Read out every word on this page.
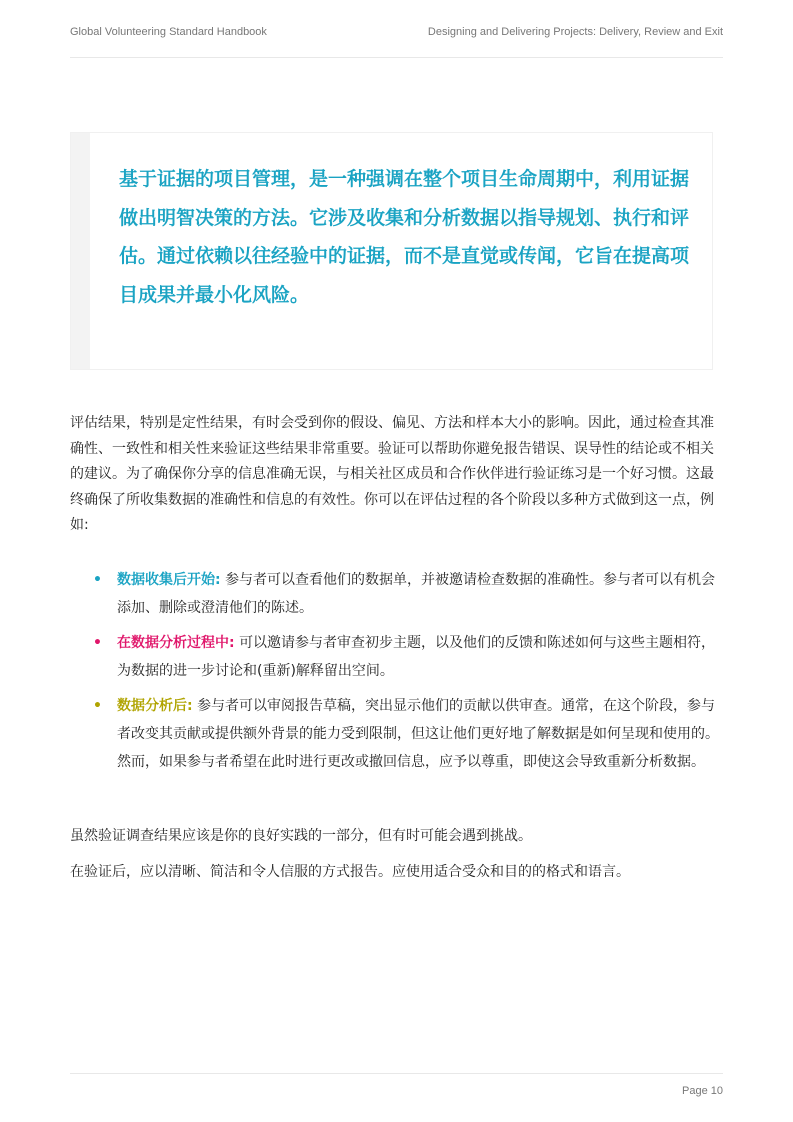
Global Volunteering Standard Handbook	Designing and Delivering Projects: Delivery, Review and Exit
基于证据的项目管理，是一种强调在整个项目生命周期中，利用证据做出明智决策的方法。它涉及收集和分析数据以指导规划、执行和评估。通过依赖以往经验中的证据，而不是直觉或传闻，它旨在提高项目成果并最小化风险。
评估结果，特别是定性结果，有时会受到你的假设、偏见、方法和样本大小的影响。因此，通过检查其准确性、一致性和相关性来验证这些结果非常重要。验证可以帮助你避免报告错误、误导性的结论或不相关的建议。为了确保你分享的信息准确无误，与相关社区成员和合作伙伴进行验证练习是一个好习惯。这最终确保了所收集数据的准确性和信息的有效性。你可以在评估过程的各个阶段以多种方式做到这一点，例如:
• 数据收集后开始: 参与者可以查看他们的数据单，并被邀请检查数据的准确性。参与者可以有机会添加、删除或澄清他们的陈述。
• 在数据分析过程中: 可以邀请参与者审查初步主题，以及他们的反馈和陈述如何与这些主题相符，为数据的进一步讨论和(重新)解释留出空间。
• 数据分析后: 参与者可以审阅报告草稿，突出显示他们的贡献以供审查。通常，在这个阶段，参与者改变其贡献或提供额外背景的能力受到限制，但这让他们更好地了解数据是如何呈现和使用的。然而，如果参与者希望在此时进行更改或撤回信息，应予以尊重，即使这会导致重新分析数据。
虽然验证调查结果应该是你的良好实践的一部分，但有时可能会遇到挑战。
在验证后，应以清晰、简洁和令人信服的方式报告。应使用适合受众和目的的格式和语言。
Page 10
